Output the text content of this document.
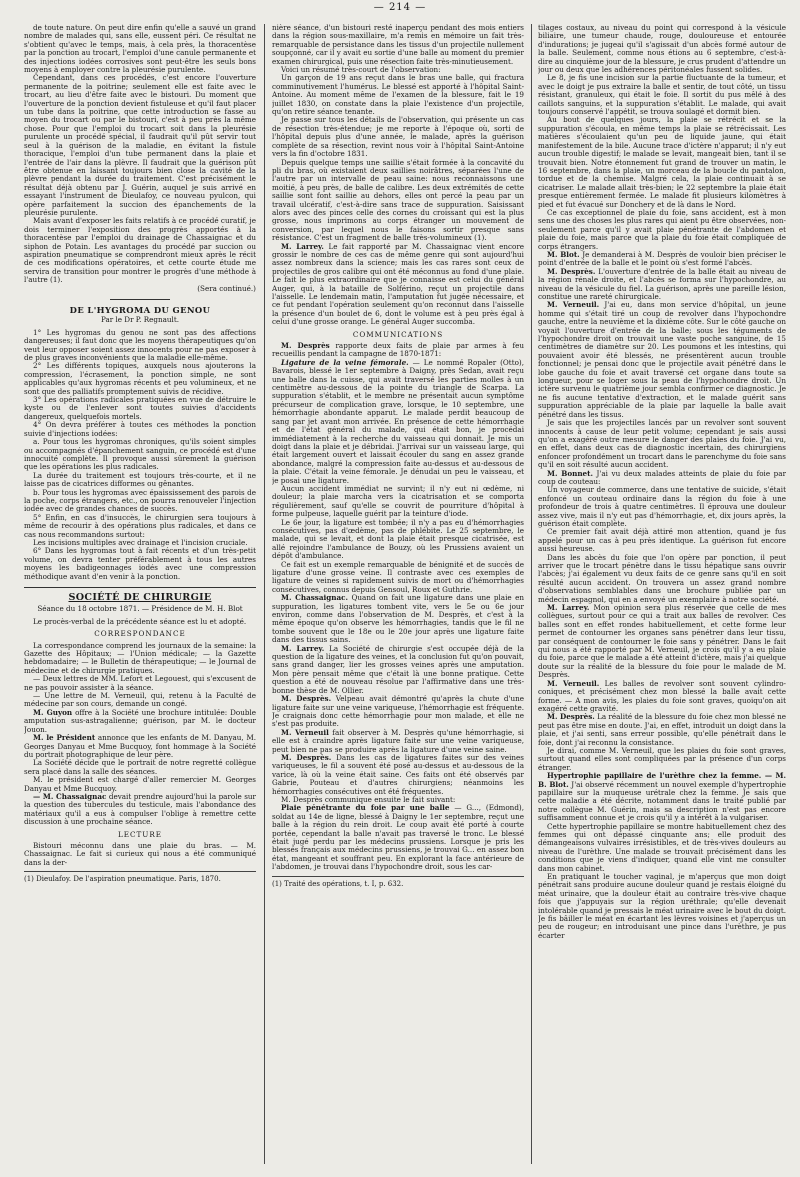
— 214 —

de toute nature. On peut dire enfin qu'elle a sauvé un grand nombre de malades qui, sans elle, eussent péri. Ce résultat ne s'obtient qu'avec le temps, mais, à cela près, la thoracentèse par la ponction au trocart, l'emploi d'une canule permanente et des injections iodées corrosives sont peut-être les seuls bons moyens à employer contre la pleurésie purulente.

Cependant, dans ces procédés, c'est encore l'ouverture permanente de la poitrine; seulement elle est faite avec le trocart, au lieu d'être faite avec le bistouri. Du moment que l'ouverture de la ponction devient fistuleuse et qu'il faut placer un tube dans la poitrine, que cette introduction se fasse au moyen du trocart ou par le bistouri, c'est à peu près la même chose. Pour que l'emploi du trocart soit dans la pleurésie purulente un procédé spécial, il faudrait qu'il pût servir tout seul à la guérison de la maladie, en évitant la fistule thoracique, l'emploi d'un tube permanent dans la plaie et l'entrée de l'air dans la plèvre. Il faudrait que la guérison pût être obtenue en laissant toujours bien close la cavité de la plèvre pendant la durée du traitement. C'est précisément le résultat déjà obtenu par J. Guérin, auquel je suis arrivé en essayant l'instrument de Dieulafoy, ce nouveau pyulcon, qui opère parfaitement la succion des épanchements de la pleurésie purulente.

Mais avant d'exposer les faits relatifs à ce procédé curatif, je dois terminer l'exposition des progrès apportés à la thoracentèse par l'emploi du drainage de Chassaignac et du siphon de Potain. Les avantages du procédé par succion ou aspiration pneumatique se comprendront mieux après le récit de ces modifications opératoires, et cette courte étude me servira de transition pour montrer le progrès d'une méthode à l'autre (1).

(Sera continué.)

DE L'HYGROMA DU GENOU
Par le Dr P. Regnault.

1° Les hygromas du genou ne sont pas des affections dangereuses; il faut donc que les moyens thérapeutiques qu'on veut leur opposer soient assez innocents pour ne pas exposer à de plus graves inconvénients que la maladie elle-même.

2° Les différents topiques, auxquels nous ajouterons la compression, l'écrasement, la ponction simple, ne sont applicables qu'aux hygromas récents et peu volumineux, et ne sont que des palliatifs promptement suivis de récidive.

3° Les opérations radicales pratiquées en vue de détruire le kyste ou de l'enlever sont toutes suivies d'accidents dangereux, quelquefois mortels.

4° On devra préférer à toutes ces méthodes la ponction suivie d'injections iodées:

a. Pour tous les hygromas chroniques, qu'ils soient simples ou accompagnés d'épanchement sanguin, ce procédé est d'une innocuité complète. Il provoque aussi sûrement la guérison que les opérations les plus radicales.

La durée du traitement est toujours très-courte, et il ne laisse pas de cicatrices difformes ou gênantes.

b. Pour tous les hygromas avec épaississement des parois de la poche, corps étrangers, etc., on pourra renouveler l'injection iodée avec de grandes chances de succès.

5° Enfin, en cas d'insuccès, le chirurgien sera toujours à même de recourir à des opérations plus radicales, et dans ce cas nous recommandons surtout:

Les incisions multiples avec drainage et l'incision cruciale.

6° Dans les hygromas tout à fait récents et d'un très-petit volume, on devra tenter préférablement à tous les autres moyens les badigeonnages iodés avec une compression méthodique avant d'en venir à la ponction.

SOCIÉTÉ DE CHIRURGIE
Séance du 18 octobre 1871. — Présidence de M. H. Blot

Le procès-verbal de la précédente séance est lu et adopté.

CORRESPONDANCE

La correspondance comprend les journaux de la semaine: la Gazette des Hôpitaux; — l'Union médicale; — la Gazette hebdomadaire; — le Bulletin de thérapeutique; — le Journal de médecine et de chirurgie pratiques.

— Deux lettres de MM. Lefort et Legouest, qui s'excusent de ne pas pouvoir assister à la séance.

— Une lettre de M. Verneuil, qui, retenu à la Faculté de médecine par son cours, demande un congé.

M. Guyon offre à la Société une brochure intitulée: Double amputation sus-astragalienne; guérison, par M. le docteur Jouon.

M. le Président annonce que les enfants de M. Danyau, M. Georges Danyau et Mme Bucquoy, font hommage à la Société du portrait photographique de leur père.

La Société décide que le portrait de notre regretté collègue sera placé dans la salle des séances.

M. le président est chargé d'aller remercier M. Georges Danyau et Mme Bucquoy.

— M. Chassaignac devait prendre aujourd'hui la parole sur la question des tubercules du testicule, mais l'abondance des matériaux qu'il a eus à compulser l'oblige à remettre cette discussion à une prochaine séance.

LECTURE

Bistouri méconnu dans une plaie du bras. — M. Chassaignac. Le fait si curieux qui nous a été communiqué dans la der-

(1) Dieulafoy. De l'aspiration pneumatique. Paris, 1870.

nière séance, d'un bistouri resté inaperçu pendant des mois entiers dans la région sous-maxillaire, m'a remis en mémoire un fait très-remarquable de persistance dans les tissus d'un projectile nullement soupçonné, car il y avait eu sortie d'une balle au moment du premier examen chirurgical, puis une résection faite très-minutieusement.

Voici un résumé très-court de l'observation:

Un garçon de 19 ans reçut dans le bras une balle, qui fractura comminutivement l'humérus. Le blessé est apporté à l'hôpital Saint-Antoine. Au moment même de l'examen de la blessure, fait le 19 juillet 1830, on constate dans la plaie l'existence d'un projectile, qu'on retire séance tenante.

Je passe sur tous les détails de l'observation, qui présente un cas de résection très-étendue; je me reporte à l'époque où, sorti de l'hôpital depuis plus d'une année, le malade, après la guérison complète de sa résection, revint nous voir à l'hôpital Saint-Antoine vers la fin d'octobre 1831.

Depuis quelque temps une saillie s'était formée à la concavité du pli du bras, où existaient deux saillies noirâtres, séparées l'une de l'autre par un intervalle de peau saine: nous reconnaissons une moitié, à peu près, de balle de calibre. Les deux extrémités de cette saillie sont font saillie au dehors, elles ont percé la peau par un travail ulcératif, c'est-à-dire sans trace de suppuration. Saisissant alors avec des pinces celle des cornes du croissant qui est la plus grosse, nous imprimons au corps étranger un mouvement de conversion, par lequel nous le faisons sortir presque sans résistance. C'est un fragment de balle très-volumineux (1).

M. Larrey. Le fait rapporté par M. Chassaignac vient encore grossir le nombre de ces cas de même genre qui sont aujourd'hui assez nombreux dans la science; mais les cas rares sont ceux de projectiles de gros calibre qui ont été méconnus au fond d'une plaie. Le fait le plus extraordinaire que je connaisse est celui du général Auger, qui, à la bataille de Solférino, reçut un projectile dans l'aisselle. Le lendemain matin, l'amputation fut jugée nécessaire, et ce fut pendant l'opération seulement qu'on reconnut dans l'aisselle la présence d'un boulet de 6, dont le volume est à peu près égal à celui d'une grosse orange. Le général Auger succomba.

COMMUNICATIONS

M. Desprès rapporte deux faits de plaie par armes à feu recueillis pendant la campagne de 1870-1871:

Ligature de la veine fémorale. — Le nommé Ropaler (Otto), Bavarois, blessé le 1er septembre à Daigny, près Sedan, avait reçu une balle dans la cuisse, qui avait traversé les parties molles à un centimètre au-dessous de la pointe du triangle de Scarpa. La suppuration s'établit, et le membre ne présentait aucun symptôme précurseur de complication grave, lorsque, le 10 septembre, une hémorrhagie abondante apparut. Le malade perdit beaucoup de sang par jet avant mon arrivée. En présence de cette hémorrhagie et de l'état général du malade, qui était bon, je procédai immédiatement à la recherche du vaisseau qui donnait. Je mis un doigt dans la plaie et je débridai. J'arrivai sur un vaisseau large, qui était largement ouvert et laissait écouler du sang en assez grande abondance, malgré la compression faite au-dessus et au-dessous de la plaie. C'était la veine fémorale. Je dénudai un peu le vaisseau, et je posai une ligature.

Aucun accident immédiat ne survint; il n'y eut ni œdème, ni douleur; la plaie marcha vers la cicatrisation et se comporta régulièrement, sauf qu'elle se couvrit de pourriture d'hôpital à forme pulpeuse, laquelle guérit par la teinture d'iode.

Le 6e jour, la ligature est tombée; il n'y a pas eu d'hémorrhagies consécutives, pas d'œdème, pas de phlébite. Le 25 septembre, le malade, qui se levait, et dont la plaie était presque cicatrisée, est allé rejoindre l'ambulance de Bouzy, où les Prussiens avaient un dépôt d'ambulance.

Ce fait est un exemple remarquable de bénignité et de succès de ligature d'une grosse veine. Il contraste avec ces exemples de ligature de veines si rapidement suivis de mort ou d'hémorrhagies consécutives, connus depuis Gensoul, Roux et Guthrie.

M. Chassaignac. Quand on fait une ligature dans une plaie en suppuration, les ligatures tombent vite, vers le 5e ou 6e jour environ, comme dans l'observation de M. Desprès, et c'est à la même époque qu'on observe les hémorrhagies, tandis que le fil ne tombe souvent que le 18e ou le 20e jour après une ligature faite dans des tissus sains.

M. Larrey. La Société de chirurgie s'est occupée déjà de la question de la ligature des veines, et la conclusion fut qu'on pouvait, sans grand danger, lier les grosses veines après une amputation. Mon père pensait même que c'était là une bonne pratique. Cette question a été de nouveau résolue par l'affirmative dans une très-bonne thèse de M. Ollier.

M. Desprès. Velpeau avait démontré qu'après la chute d'une ligature faite sur une veine variqueuse, l'hémorrhagie est fréquente. Je craignais donc cette hémorrhagie pour mon malade, et elle ne s'est pas produite.

M. Verneuil fait observer à M. Desprès qu'une hémorrhagie, si elle est à craindre après ligature faite sur une veine variqueuse, peut bien ne pas se produire après la ligature d'une veine saine.

M. Desprès. Dans les cas de ligatures faites sur des veines variqueuses, le fil a souvent été posé au-dessus et au-dessous de la varice, là où la veine était saine. Ces faits ont été observés par Gabrie, Pouteau et d'autres chirurgiens; néanmoins les hémorrhagies consécutives ont été fréquentes.

M. Desprès communique ensuite le fait suivant:

Plaie pénétrante du foie par une balle — G..., (Edmond), soldat au 14e de ligne, blessé à Daigny le 1er septembre, reçut une balle à la région du rein droit. Le coup avait été porté à courte portée, cependant la balle n'avait pas traversé le tronc. Le blessé était jugé perdu par les médecins prussiens. Lorsque je pris les blessés français aux médecins prussiens, je trouvai G... en assez bon état, mangeant et souffrant peu. En explorant la face antérieure de l'abdomen, je trouvai dans l'hypochondre droit, sous les car-

(1) Traité des opérations, t. I, p. 632.

tilages costaux, au niveau du point qui correspond à la vésicule biliaire, une tumeur chaude, rouge, douloureuse et entourée d'indurations; je jugeai qu'il s'agissait d'un abcès formé autour de la balle. Seulement, comme nous étions au 6 septembre, c'est-à-dire au cinquième jour de la blessure, je crus prudent d'attendre un jour ou deux que les adhérences péritonéales fussent solides.

Le 8, je fis une incision sur la partie fluctuante de la tumeur, et avec le doigt je pus extraire la balle et sentir, de tout côté, un tissu résistant, granuleux, qui était le foie. Il sortit du pus mêlé à des caillots sanguins, et la suppuration s'établit. Le malade, qui avait toujours conservé l'appétit, se trouva soulagé et dormit bien.

Au bout de quelques jours, la plaie se rétrécit et se la suppuration s'écoula, en même temps la plaie se rétrécissait. Les matières s'écoulaient qu'un peu de liquide jaune, qui était manifestement de la bile. Aucune trace d'ictère n'apparut; il n'y eut aucun trouble digestif; le malade se levait, mangeait bien, tant il se trouvait bien. Notre étonnement fut grand de trouver un matin, le 16 septembre, dans la plaie, un morceau de la boucle du pantalon, tordue et de la chemise. Malgré cela, la plaie continuait à se cicatriser. Le malade allait très-bien; le 22 septembre la plaie était presque entièrement fermée. Le malade fit plusieurs kilomètres à pied et fut évacué sur Donchery et de là dans le Nord.

Ce cas exceptionnel de plaie du foie, sans accident, est à mon sens une des choses les plus rares qui aient pu être observées, non-seulement parce qu'il y avait plaie pénétrante de l'abdomen et plaie du foie, mais parce que la plaie du foie était compliquée de corps étrangers.

M. Blot. Je demanderai à M. Desprès de vouloir bien préciser le point d'entrée de la balle et le point où s'est formé l'abcès.

M. Desprès. L'ouverture d'entrée de la balle était au niveau de la région rénale droite, et l'abcès se forma sur l'hypochondre, au niveau de la vésicule du fiel. La guérison, après une pareille lésion, constitue une rareté chirurgicale.

M. Verneuil. J'ai eu, dans mon service d'hôpital, un jeune homme qui s'était tiré un coup de revolver dans l'hypochondre gauche, entre la neuvième et la dixième côte. Sur le côté gauche on voyait l'ouverture d'entrée de la balle; sous les téguments de l'hypochondre droit on trouvait une vaste poche sanguine, de 15 centimètres de diamètre sur 20. Les poumons et les intestins, qui pouvaient avoir été blessés, ne présentèrent aucun trouble fonctionnel; je pensai donc que le projectile avait pénétré dans le lobe gauche du foie et avait traversé cet organe dans toute sa longueur, pour se loger sous la peau de l'hypochondre droit. Un ictère survenu le quatrième jour sembla confirmer ce diagnostic. Je ne fis aucune tentative d'extraction, et le malade guérit sans suppuration appréciable de la plaie par laquelle la balle avait pénétré dans les tissus.

Je sais que les projectiles lancés par un revolver sont souvent innocents à cause de leur petit volume; cependant je sais aussi qu'on a exagéré outre mesure le danger des plaies du foie. J'ai vu, en effet, dans deux cas de diagnostic incertain, des chirurgiens enfoncer profondément un trocart dans le parenchyme du foie sans qu'il en soit résulté aucun accident.

M. Bonnet. J'ai vu deux malades atteints de plaie du foie par coup de couteau:

Un voyageur de commerce, dans une tentative de suicide, s'était enfoncé un couteau ordinaire dans la région du foie à une profondeur de trois à quatre centimètres. Il éprouva une douleur assez vive, mais il n'y eut pas d'hémorrhagie, et, dix jours après, la guérison était complète.

Ce premier fait avait déjà attiré mon attention, quand je fus appelé pour un cas à peu près identique. La guérison fut encore aussi heureuse.

Dans les abcès du foie que l'on opère par ponction, il peut arriver que le trocart pénètre dans le tissu hépatique sans ouvrir l'abcès; j'ai également vu deux faits de ce genre sans qu'il en soit résulté aucun accident. On trouvera un assez grand nombre d'observations semblables dans une brochure publiée par un médecin espagnol, qui en a envoyé un exemplaire à notre société.

M. Larrey. Mon opinion sera plus réservée que celle de mes collègues, surtout pour ce qui a trait aux balles de revolver. Ces balles sont en effet rondes habituellement, et cette forme leur permet de contourner les organes sans pénétrer dans leur tissu, par conséquent de contourner le foie sans y pénétrer. Dans le fait qui nous a été rapporté par M. Verneuil, je crois qu'il y a eu plaie du foie, parce que le malade a été atteint d'ictère, mais j'ai quelque doute sur la réalité de la blessure du foie pour le malade de M. Desprès.

M. Verneuil. Les balles de revolver sont souvent cylindro-coniques, et précisément chez mon blessé la balle avait cette forme. — A mon avis, les plaies du foie sont graves, quoiqu'on ait exagéré cette gravité.

M. Desprès. La réalité de la blessure du foie chez mon blessé ne peut pas être mise en doute. J'ai, en effet, introduit un doigt dans la plaie, et j'ai senti, sans erreur possible, qu'elle pénétrait dans le foie, dont j'ai reconnu la consistance.

Je dirai, comme M. Verneuil, que les plaies du foie sont graves, surtout quand elles sont compliquées par la présence d'un corps étranger.

Hypertrophie papillaire de l'urèthre chez la femme. — M. B. Blot. J'ai observé récemment un nouvel exemple d'hypertrophie papillaire sur la muqueuse urétrale chez la femme. Je sais que cette maladie a été décrite, notamment dans le traité publié par notre collègue M. Guérin, mais sa description n'est pas encore suffisamment connue et je crois qu'il y a intérêt à la vulgariser.

Cette hypertrophie papillaire se montre habituellement chez des femmes qui ont dépassé cinquante ans; elle produit des démangeaisons vulvaires irrésistibles, et de très-vives douleurs au niveau de l'urèthre. Une malade se trouvait précisément dans les conditions que je viens d'indiquer, quand elle vint me consulter dans mon cabinet.

En pratiquant le toucher vaginal, je m'aperçus que mon doigt pénétrait sans produire aucune douleur quand je restais éloigné du méat urinaire, que la douleur était au contraire très-vive chaque fois que j'appuyais sur la région uréthrale; qu'elle devenait intolérable quand je pressais le méat urinaire avec le bout du doigt. Je fis bâiller le méat en écartant les lèvres voisines et j'aperçus un peu de rougeur; en introduisant une pince dans l'urèthre, je pus écarter
